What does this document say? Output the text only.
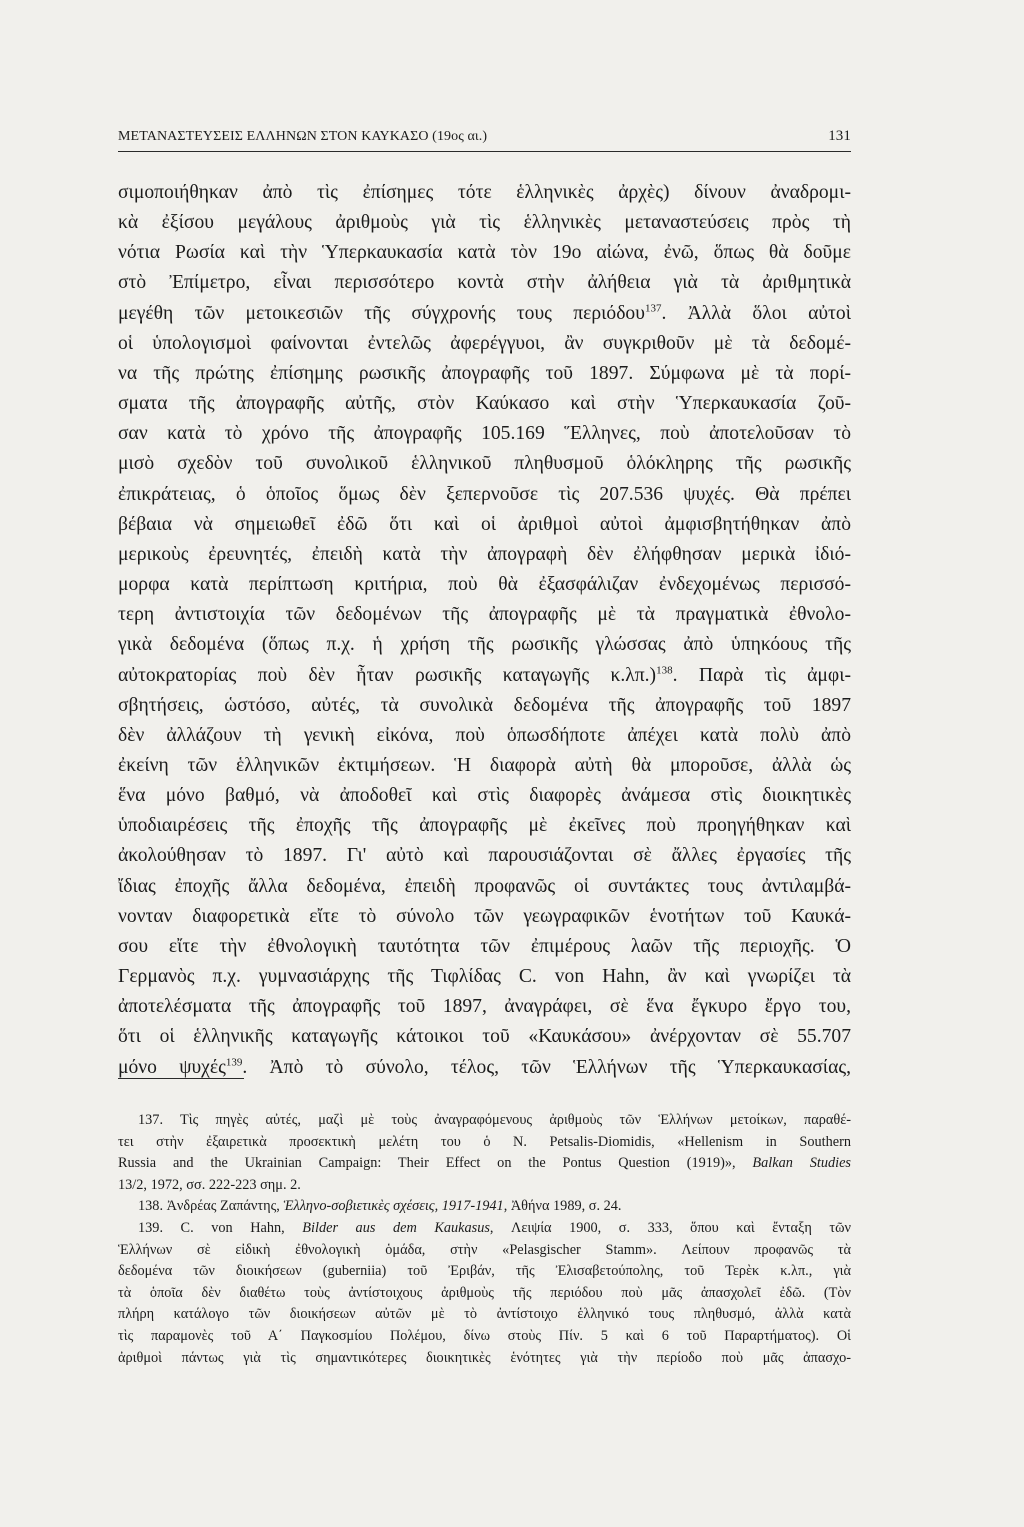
ΜΕΤΑΝΑΣΤΕΥΣΕΙΣ ΕΛΛΗΝΩΝ ΣΤΟΝ ΚΑΥΚΑΣΟ (19ος αι.)	131
σιμοποιήθηκαν ἀπὸ τὶς ἐπίσημες τότε ἑλληνικὲς ἀρχὲς) δίνουν ἀναδρομι-
κὰ ἐξίσου μεγάλους ἀριθμοὺς γιὰ τὶς ἑλληνικὲς μεταναστεύσεις πρὸς τὴ
νότια Ρωσία καὶ τὴν Ὑπερκαυκασία κατὰ τὸν 19ο αἰώνα, ἐνῶ, ὅπως θὰ δοῦμε
στὸ Ἐπίμετρο, εἶναι περισσότερο κοντὰ στὴν ἀλήθεια γιὰ τὰ ἀριθμητικὰ
μεγέθη τῶν μετοικεσιῶν τῆς σύγχρονής τους περιόδου$^{137}$. Ἀλλὰ ὅλοι αὐτοὶ
οἱ ὑπολογισμοὶ φαίνονται ἐντελῶς ἀφερέγγυοι, ἂν συγκριθοῦν μὲ τὰ δεδομέ-
να τῆς πρώτης ἐπίσημης ρωσικῆς ἀπογραφῆς τοῦ 1897. Σύμφωνα μὲ τὰ πορί-
σματα τῆς ἀπογραφῆς αὐτῆς, στὸν Καύκασο καὶ στὴν Ὑπερκαυκασία ζοῦ-
σαν κατὰ τὸ χρόνο τῆς ἀπογραφῆς 105.169 Ἕλληνες, ποὺ ἀποτελοῦσαν τὸ
μισὸ σχεδὸν τοῦ συνολικοῦ ἑλληνικοῦ πληθυσμοῦ ὁλόκληρης τῆς ρωσικῆς
ἐπικράτειας, ὁ ὁποῖος ὅμως δὲν ξεπερνοῦσε τὶς 207.536 ψυχές. Θὰ πρέπει
βέβαια νὰ σημειωθεῖ ἐδῶ ὅτι καὶ οἱ ἀριθμοὶ αὐτοὶ ἀμφισβητήθηκαν ἀπὸ
μερικοὺς ἐρευνητές, ἐπειδὴ κατὰ τὴν ἀπογραφὴ δὲν ἐλήφθησαν μερικὰ ἰδιό-
μορφα κατὰ περίπτωση κριτήρια, ποὺ θὰ ἐξασφάλιζαν ἐνδεχομένως περισσό-
τερη ἀντιστοιχία τῶν δεδομένων τῆς ἀπογραφῆς μὲ τὰ πραγματικὰ ἐθνολο-
γικὰ δεδομένα (ὅπως π.χ. ἡ χρήση τῆς ρωσικῆς γλώσσας ἀπὸ ὑπηκόους τῆς
αὐτοκρατορίας ποὺ δὲν ἦταν ρωσικῆς καταγωγῆς κ.λπ.)$^{138}$. Παρὰ τὶς ἀμφι-
σβητήσεις, ὡστόσο, αὐτές, τὰ συνολικὰ δεδομένα τῆς ἀπογραφῆς τοῦ 1897
δὲν ἀλλάζουν τὴ γενικὴ εἰκόνα, ποὺ ὁπωσδήποτε ἀπέχει κατὰ πολὺ ἀπὸ
ἐκείνη τῶν ἑλληνικῶν ἐκτιμήσεων. Ἡ διαφορὰ αὐτὴ θὰ μποροῦσε, ἀλλὰ ὡς
ἕνα μόνο βαθμό, νὰ ἀποδοθεῖ καὶ στὶς διαφορὲς ἀνάμεσα στὶς διοικητικὲς
ὑποδιαιρέσεις τῆς ἐποχῆς τῆς ἀπογραφῆς μὲ ἐκεῖνες ποὺ προηγήθηκαν καὶ
ἀκολούθησαν τὸ 1897. Γι' αὐτὸ καὶ παρουσιάζονται σὲ ἄλλες ἐργασίες τῆς
ἴδιας ἐποχῆς ἄλλα δεδομένα, ἐπειδὴ προφανῶς οἱ συντάκτες τους ἀντιλαμβά-
νονταν διαφορετικὰ εἴτε τὸ σύνολο τῶν γεωγραφικῶν ἑνοτήτων τοῦ Καυκά-
σου εἴτε τὴν ἐθνολογικὴ ταυτότητα τῶν ἐπιμέρους λαῶν τῆς περιοχῆς. Ὁ
Γερμανὸς π.χ. γυμνασιάρχης τῆς Τιφλίδας C. von Hahn, ἂν καὶ γνωρίζει τὰ
ἀποτελέσματα τῆς ἀπογραφῆς τοῦ 1897, ἀναγράφει, σὲ ἕνα ἔγκυρο ἔργο του,
ὅτι οἱ ἑλληνικῆς καταγωγῆς κάτοικοι τοῦ «Καυκάσου» ἀνέρχονταν σὲ 55.707
μόνο ψυχές$^{139}$. Ἀπὸ τὸ σύνολο, τέλος, τῶν Ἑλλήνων τῆς Ὑπερκαυκασίας,
137. Τὶς πηγὲς αὐτές, μαζὶ μὲ τοὺς ἀναγραφόμενους ἀριθμοὺς τῶν Ἑλλήνων μετοίκων, παραθέ-
τει στὴν ἐξαιρετικὰ προσεκτικὴ μελέτη του ὁ Ν. Petsalis-Diomidis, «Hellenism in Southern
Russia and the Ukrainian Campaign: Their Effect on the Pontus Question (1919)», Balkan Studies
13/2, 1972, σσ. 222-223 σημ. 2.
138. Ἀνδρέας Ζαπάντης, Ἑλληνο-σοβιετικὲς σχέσεις, 1917-1941, Ἀθήνα 1989, σ. 24.
139. C. von Hahn, Bilder aus dem Kaukasus, Λειψία 1900, σ. 333, ὅπου καὶ ἔνταξη τῶν
Ἑλλήνων σὲ εἰδικὴ ἐθνολογικὴ ὁμάδα, στὴν «Pelasgischer Stamm». Λείπουν προφανῶς τὰ
δεδομένα τῶν διοικήσεων (guberniia) τοῦ Ἐριβάν, τῆς Ἐλισαβετούπολης, τοῦ Τερὲκ κ.λπ., γιὰ
τὰ ὁποῖα δὲν διαθέτω τοὺς ἀντίστοιχους ἀριθμοὺς τῆς περιόδου ποὺ μᾶς ἀπασχολεῖ ἐδῶ. (Τὸν
πλήρη κατάλογο τῶν διοικήσεων αὐτῶν μὲ τὸ ἀντίστοιχο ἑλληνικό τους πληθυσμό, ἀλλὰ κατὰ
τὶς παραμονὲς τοῦ Α΄ Παγκοσμίου Πολέμου, δίνω στοὺς Πίν. 5 καὶ 6 τοῦ Παραρτήματος). Οἱ
ἀριθμοὶ πάντως γιὰ τὶς σημαντικότερες διοικητικὲς ἑνότητες γιὰ τὴν περίοδο ποὺ μᾶς ἀπασχο-
